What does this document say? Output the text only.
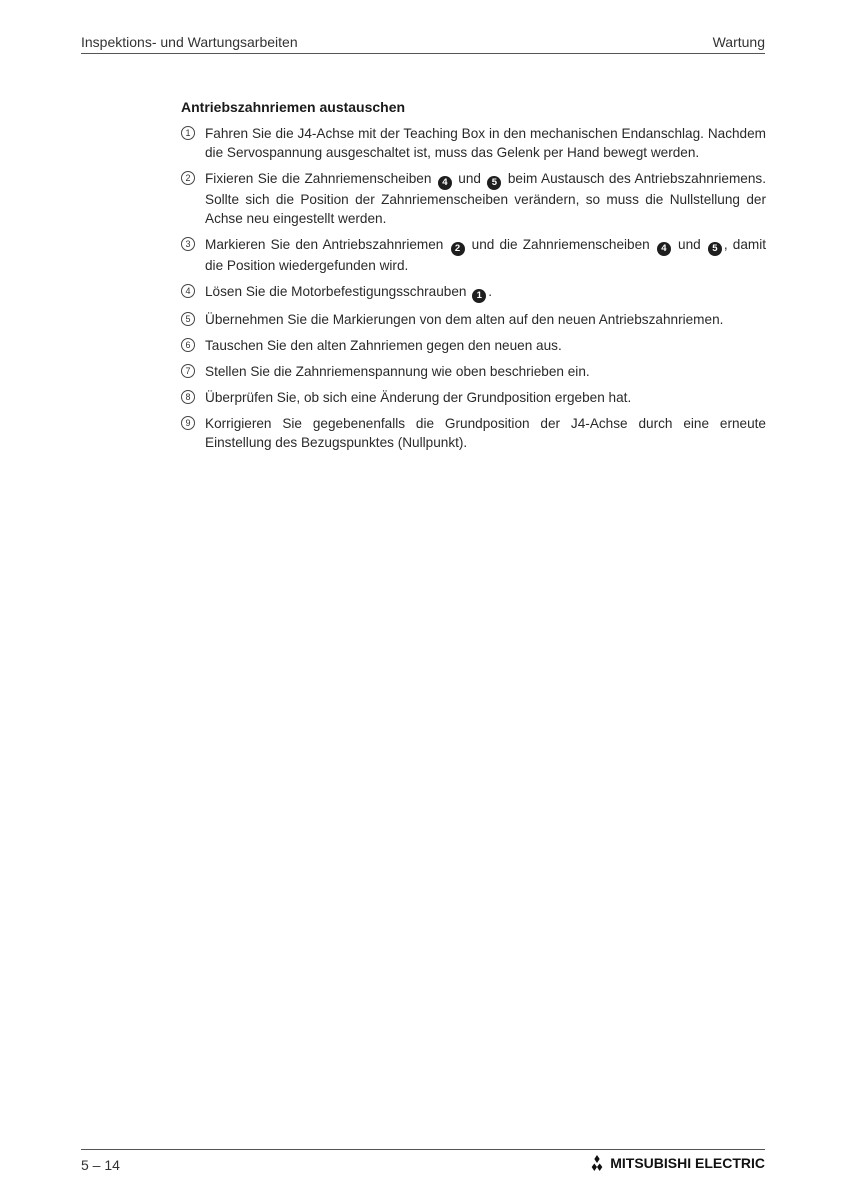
Inspektions- und Wartungsarbeiten	Wartung
Antriebszahnriemen austauschen
1	Fahren Sie die J4-Achse mit der Teaching Box in den mechanischen Endanschlag. Nachdem die Servospannung ausgeschaltet ist, muss das Gelenk per Hand bewegt werden.
2	Fixieren Sie die Zahnriemenscheiben 4 und 5 beim Austausch des Antriebszahnriemens. Sollte sich die Position der Zahnriemenscheiben verändern, so muss die Nullstellung der Achse neu eingestellt werden.
3	Markieren Sie den Antriebszahnriemen 2 und die Zahnriemenscheiben 4 und 5 , damit die Position wiedergefunden wird.
4	Lösen Sie die Motorbefestigungsschrauben 1 .
5	Übernehmen Sie die Markierungen von dem alten auf den neuen Antriebszahnriemen.
6	Tauschen Sie den alten Zahnriemen gegen den neuen aus.
7	Stellen Sie die Zahnriemenspannung wie oben beschrieben ein.
8	Überprüfen Sie, ob sich eine Änderung der Grundposition ergeben hat.
9	Korrigieren Sie gegebenenfalls die Grundposition der J4-Achse durch eine erneute Einstellung des Bezugspunktes (Nullpunkt).
5 – 14	MITSUBISHI ELECTRIC
